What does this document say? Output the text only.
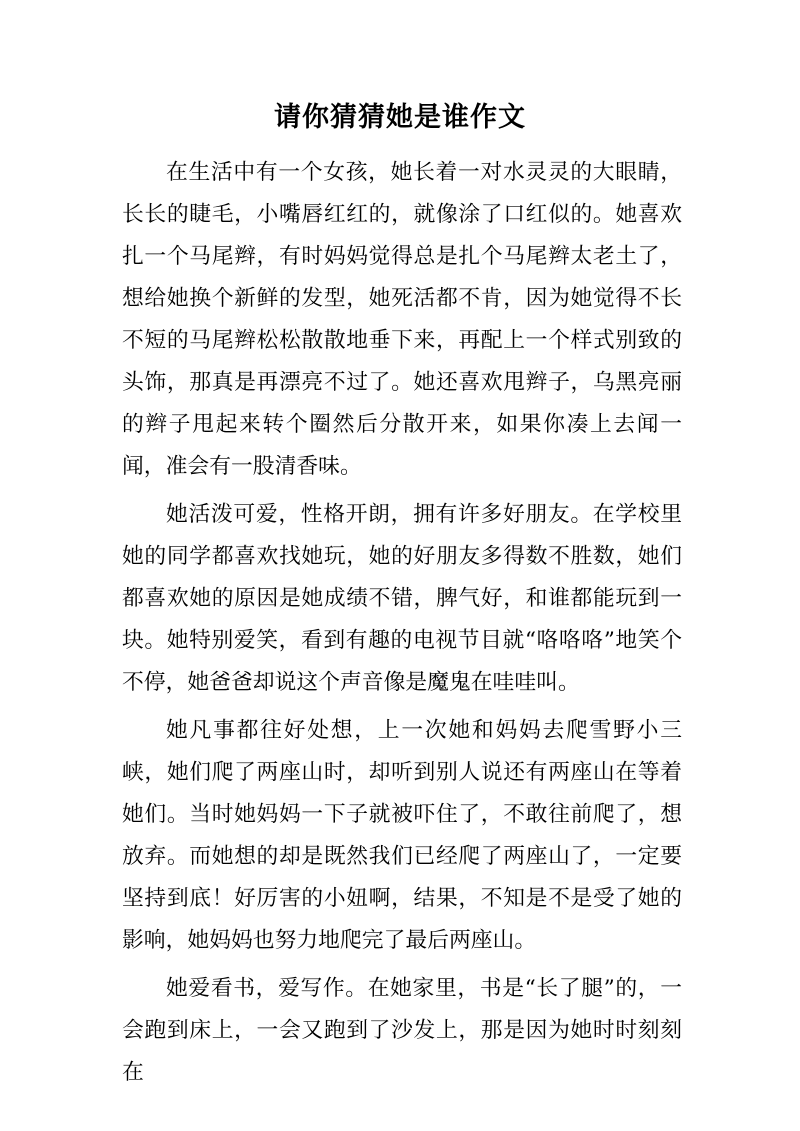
请你猜猜她是谁作文

在生活中有一个女孩，她长着一对水灵灵的大眼睛，长长的睫毛，小嘴唇红红的，就像涂了口红似的。她喜欢扎一个马尾辫，有时妈妈觉得总是扎个马尾辫太老土了，想给她换个新鲜的发型，她死活都不肯，因为她觉得不长不短的马尾辫松松散散地垂下来，再配上一个样式别致的头饰，那真是再漂亮不过了。她还喜欢甩辫子，乌黑亮丽的辫子甩起来转个圈然后分散开来，如果你凑上去闻一闻，准会有一股清香味。

她活泼可爱，性格开朗，拥有许多好朋友。在学校里她的同学都喜欢找她玩，她的好朋友多得数不胜数，她们都喜欢她的原因是她成绩不错，脾气好，和谁都能玩到一块。她特别爱笑，看到有趣的电视节目就“咯咯咯”地笑个不停，她爸爸却说这个声音像是魔鬼在哇哇叫。

她凡事都往好处想，上一次她和妈妈去爬雪野小三峡，她们爬了两座山时，却听到别人说还有两座山在等着她们。当时她妈妈一下子就被吓住了，不敢往前爬了，想放弃。而她想的却是既然我们已经爬了两座山了，一定要坚持到底！好厉害的小妞啊，结果，不知是不是受了她的影响，她妈妈也努力地爬完了最后两座山。

她爱看书，爱写作。在她家里，书是“长了腿”的，一会跑到床上，一会又跑到了沙发上，那是因为她时时刻刻在
